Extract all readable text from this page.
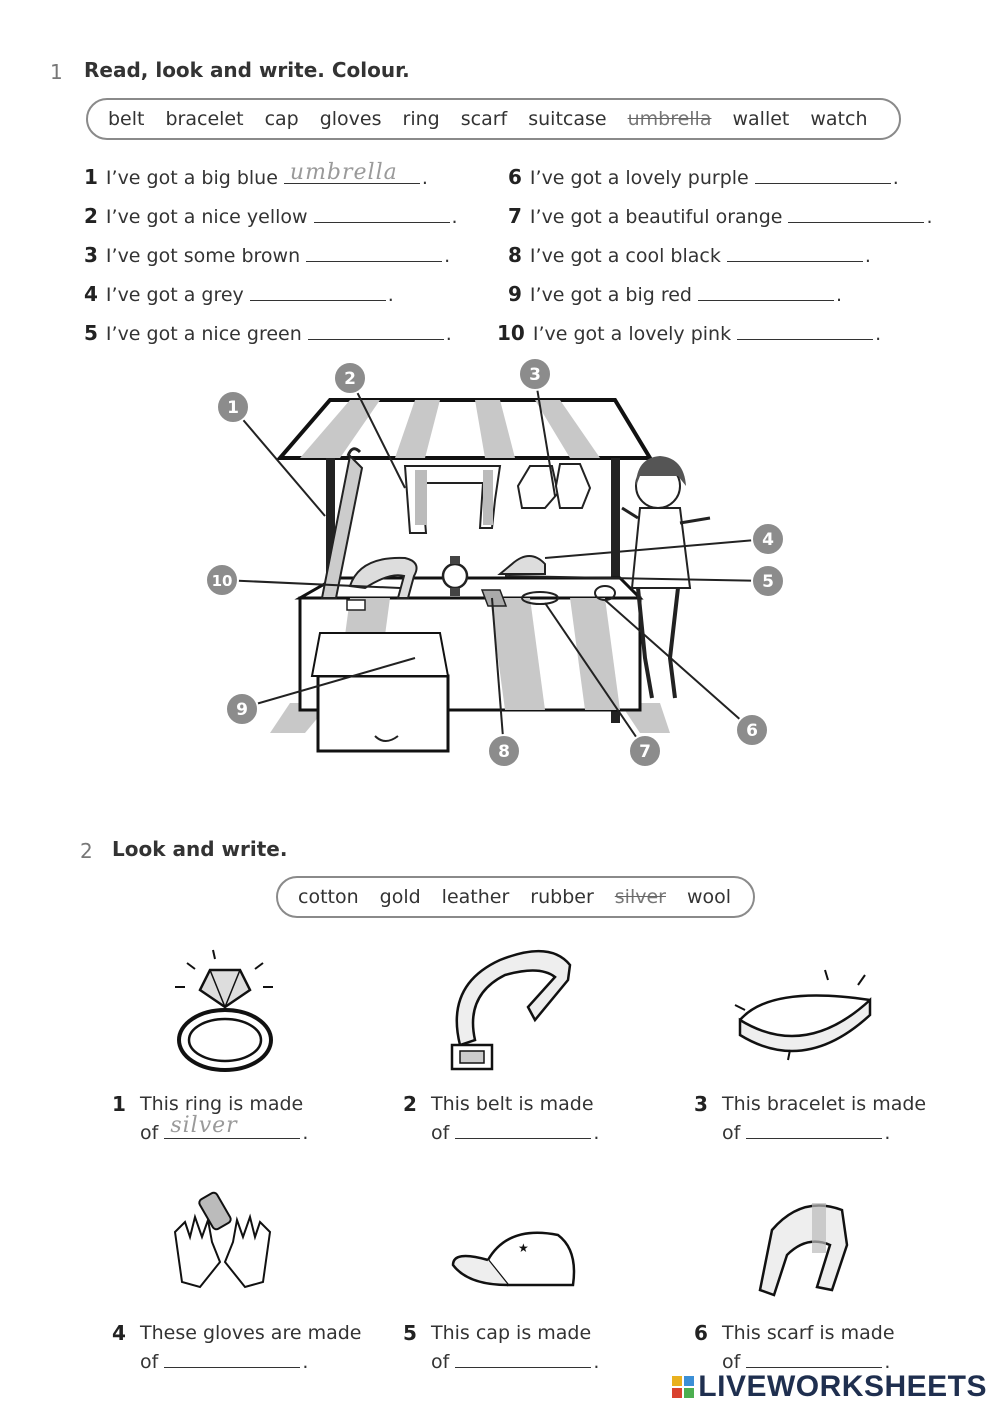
1 Read, look and write. Colour.
belt bracelet cap gloves ring scarf suitcase umbrella wallet watch
1 I’ve got a big blue umbrella .
2 I’ve got a nice yellow	.
3 I’ve got some brown	.
4 I’ve got a grey	.
5 I’ve got a nice green	.
6 I’ve got a lovely purple	.
7 I’ve got a beautiful orange	.
8 I’ve got a cool black	.
9 I’ve got a big red	.
10 I’ve got a lovely pink	.
1
2	3
4
5
6
7
8
9
10
2 Look and write.
cotton gold leather rubber silver wool
★
1 This ring is made
of silver	.
2 This belt is made
of	.
3 This bracelet is made
of	.
4 These gloves are made
of	.
5 This cap is made
of	.
6 This scarf is made
of	.
LIVEWORKSHEETS
